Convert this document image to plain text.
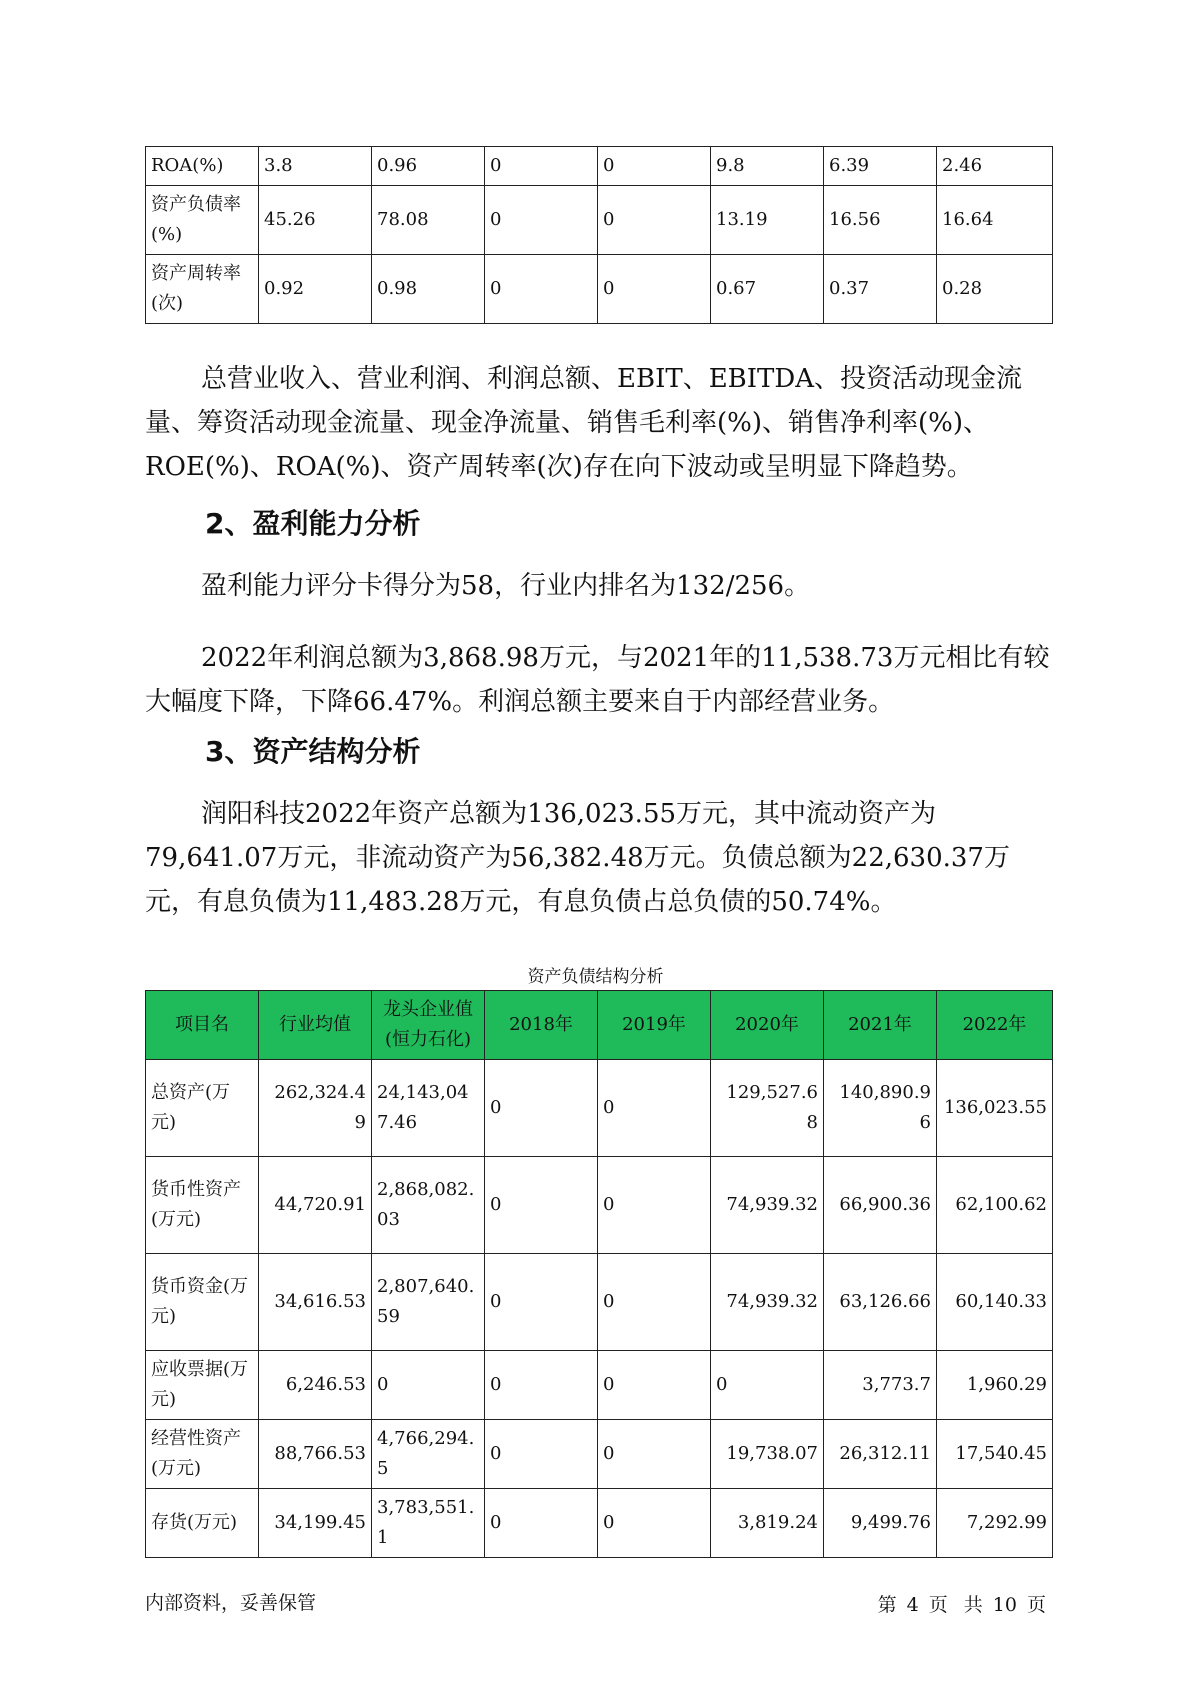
ROA(%)	3.8	0.96	0	0	9.8	6.39	2.46
资产负债率(%)	45.26	78.08	0	0	13.19	16.56	16.64
资产周转率(次)	0.92	0.98	0	0	0.67	0.37	0.28

总营业收入、营业利润、利润总额、EBIT、EBITDA、投资活动现金流量、筹资活动现金流量、现金净流量、销售毛利率(%)、销售净利率(%)、ROE(%)、ROA(%)、资产周转率(次)存在向下波动或呈明显下降趋势。

2、盈利能力分析

盈利能力评分卡得分为58，行业内排名为132/256。

2022年利润总额为3,868.98万元，与2021年的11,538.73万元相比有较大幅度下降，下降66.47%。利润总额主要来自于内部经营业务。

3、资产结构分析

润阳科技2022年资产总额为136,023.55万元，其中流动资产为79,641.07万元，非流动资产为56,382.48万元。负债总额为22,630.37万元，有息负债为11,483.28万元，有息负债占总负债的50.74%。

资产负债结构分析

项目名	行业均值	龙头企业值(恒力石化)	2018年	2019年	2020年	2021年	2022年
总资产(万元)	262,324.49	24,143,047.46	0	0	129,527.68	140,890.96	136,023.55
货币性资产(万元)	44,720.91	2,868,082.03	0	0	74,939.32	66,900.36	62,100.62
货币资金(万元)	34,616.53	2,807,640.59	0	0	74,939.32	63,126.66	60,140.33
应收票据(万元)	6,246.53	0	0	0	0	3,773.7	1,960.29
经营性资产(万元)	88,766.53	4,766,294.5	0	0	19,738.07	26,312.11	17,540.45
存货(万元)	34,199.45	3,783,551.1	0	0	3,819.24	9,499.76	7,292.99

内部资料，妥善保管	第 4 页 共 10 页
